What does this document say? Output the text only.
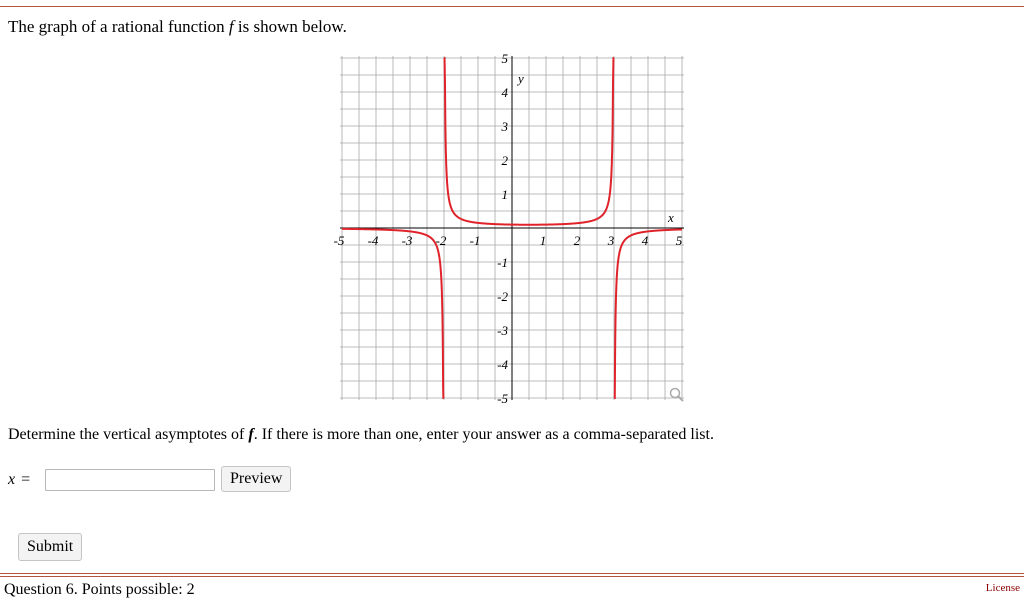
The graph of a rational function f is shown below.
-5 -4 -3 -2 -1	1 2 3 4 5
5
4
3
2
1
-1
-2
-3
-4
-5
x
y
Determine the vertical asymptotes of f. If there is more than one, enter your answer as a comma-separated list.
x =	Preview
Submit
Question 6. Points possible: 2	License
